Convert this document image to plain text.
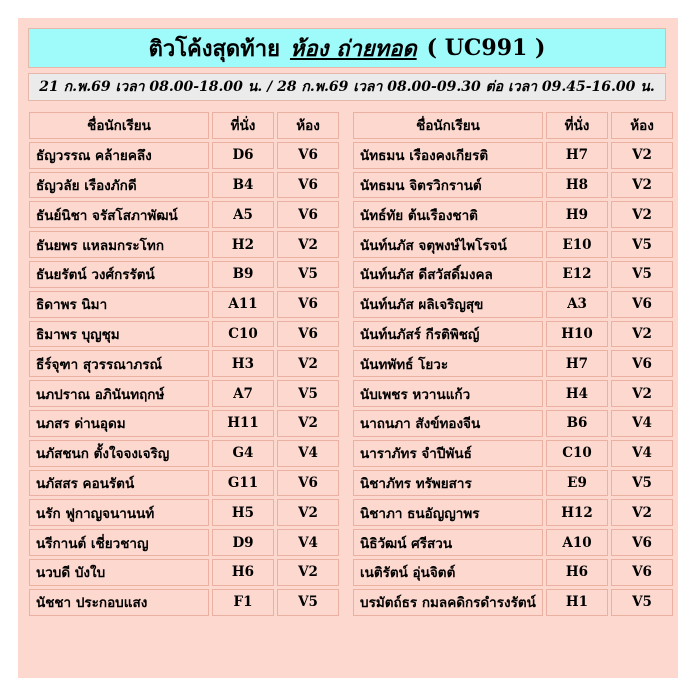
ติวโค้งสุดท้าย ห้อง ถ่ายทอด ( UC991 )
21 ก.พ.69 เวลา 08.00-18.00 น. / 28 ก.พ.69 เวลา 08.00-09.30 ต่อ เวลา 09.45-16.00 น.
ชื่อนักเรียน	ที่นั่ง	ห้อง
ธัญวรรณ คล้ายคลึง	D6	V6
ธัญวลัย เรืองภักดี	B4	V6
ธันย์นิชา จรัสโสภาพัฒน์	A5	V6
ธันยพร แหลมกระโทก	H2	V2
ธันยรัตน์ วงศ์กรรัตน์	B9	V5
ธิดาพร นิมา	A11	V6
ธิมาพร บุญชุม	C10	V6
ธีร์จุฑา สุวรรณาภรณ์	H3	V2
นภปราณ อภินันทฤกษ์	A7	V5
นภสร ด่านอุดม	H11	V2
นภัสชนก ตั้งใจจงเจริญ	G4	V4
นภัสสร คอนรัตน์	G11	V6
นรัก ฟูกาญจนานนท์	H5	V2
นรีกานต์ เชี่ยวชาญ	D9	V4
นวบดี บังใบ	H6	V2
นัชชา ประกอบแสง	F1	V5
ชื่อนักเรียน	ที่นั่ง	ห้อง
นัทธมน เรืองคงเกียรติ	H7	V2
นัทธมน จิตรวิกรานต์	H8	V2
นัทธ์ทัย ต้นเรืองชาติ	H9	V2
นันท์นภัส จตุพงษ์ไพโรจน์	E10	V5
นันท์นภัส ดีสวัสดิ์มงคล	E12	V5
นันท์นภัส ผลิเจริญสุข	A3	V6
นันท์นภัสร์ กีรติพิชญ์	H10	V2
นันทพัทธ์ โยวะ	H7	V6
นับเพชร หวานแก้ว	H4	V2
นาถนภา สังข์ทองจีน	B6	V4
นาราภัทร จำปีพันธ์	C10	V4
นิชาภัทร ทรัพยสาร	E9	V5
นิชาภา ธนอัญญาพร	H12	V2
นิธิวัฒน์ ศรีสวน	A10	V6
เนติรัตน์ อุ่นจิตต์	H6	V6
บรมัตถ์ธร กมลคดิกรดำรงรัตน์	H1	V5
